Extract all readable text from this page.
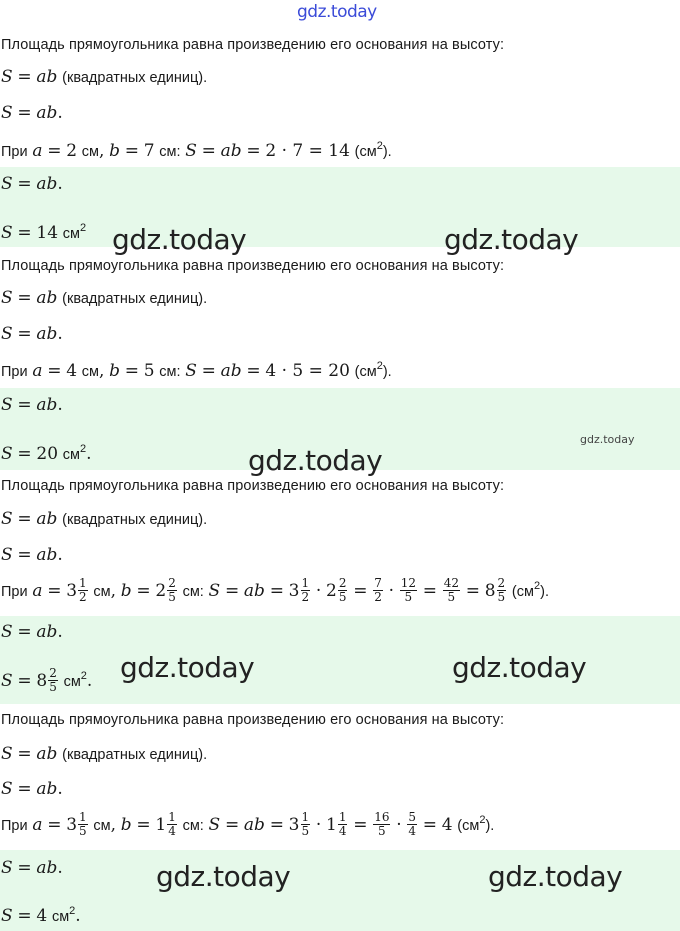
gdz.today
Площадь прямоугольника равна произведению его основания на высоту:
S = ab (квадратных единиц).
S = ab.
При a = 2 см, b = 7 см: S = ab = 2 · 7 = 14 $(см^2)$.
S = ab.
S = 14 $см^2$ gdz.today	gdz.today
Площадь прямоугольника равна произведению его основания на высоту:
S = ab (квадратных единиц).
S = ab.
При a = 4 см, b = 5 см: S = ab = 4 · 5 = 20 $(см^2)$.
S = ab.
S = 20 $см^2$.
gdz.today
gdz.today
Площадь прямоугольника равна произведению его основания на высоту:
S = ab (квадратных единиц).
S = ab.
При $a = 3 \frac{1}{2}$ см, $b = 2 \frac{2}{5}$ см: S = ab = $3 \frac{1}{2} \cdot 2 \frac{2}{5} = \frac{7}{2} \cdot \frac{12}{5} = \frac{42}{5} = 8 \frac{2}{5} (см^2)$.
S = ab.
$S = 8 \frac{2}{5} см^2$. gdz.today	gdz.today
Площадь прямоугольника равна произведению его основания на высоту:
S = ab (квадратных единиц).
S = ab.
При $a = 3 \frac{1}{5}$ см, $b = 1 \frac{1}{4}$ см: S = ab = $3 \frac{1}{5} \cdot 1 \frac{1}{4} = \frac{16}{5} \cdot \frac{5}{4} = 4$ $(см^2)$.
S = ab.
S = 4 $см^2$.
gdz.today	gdz.today
